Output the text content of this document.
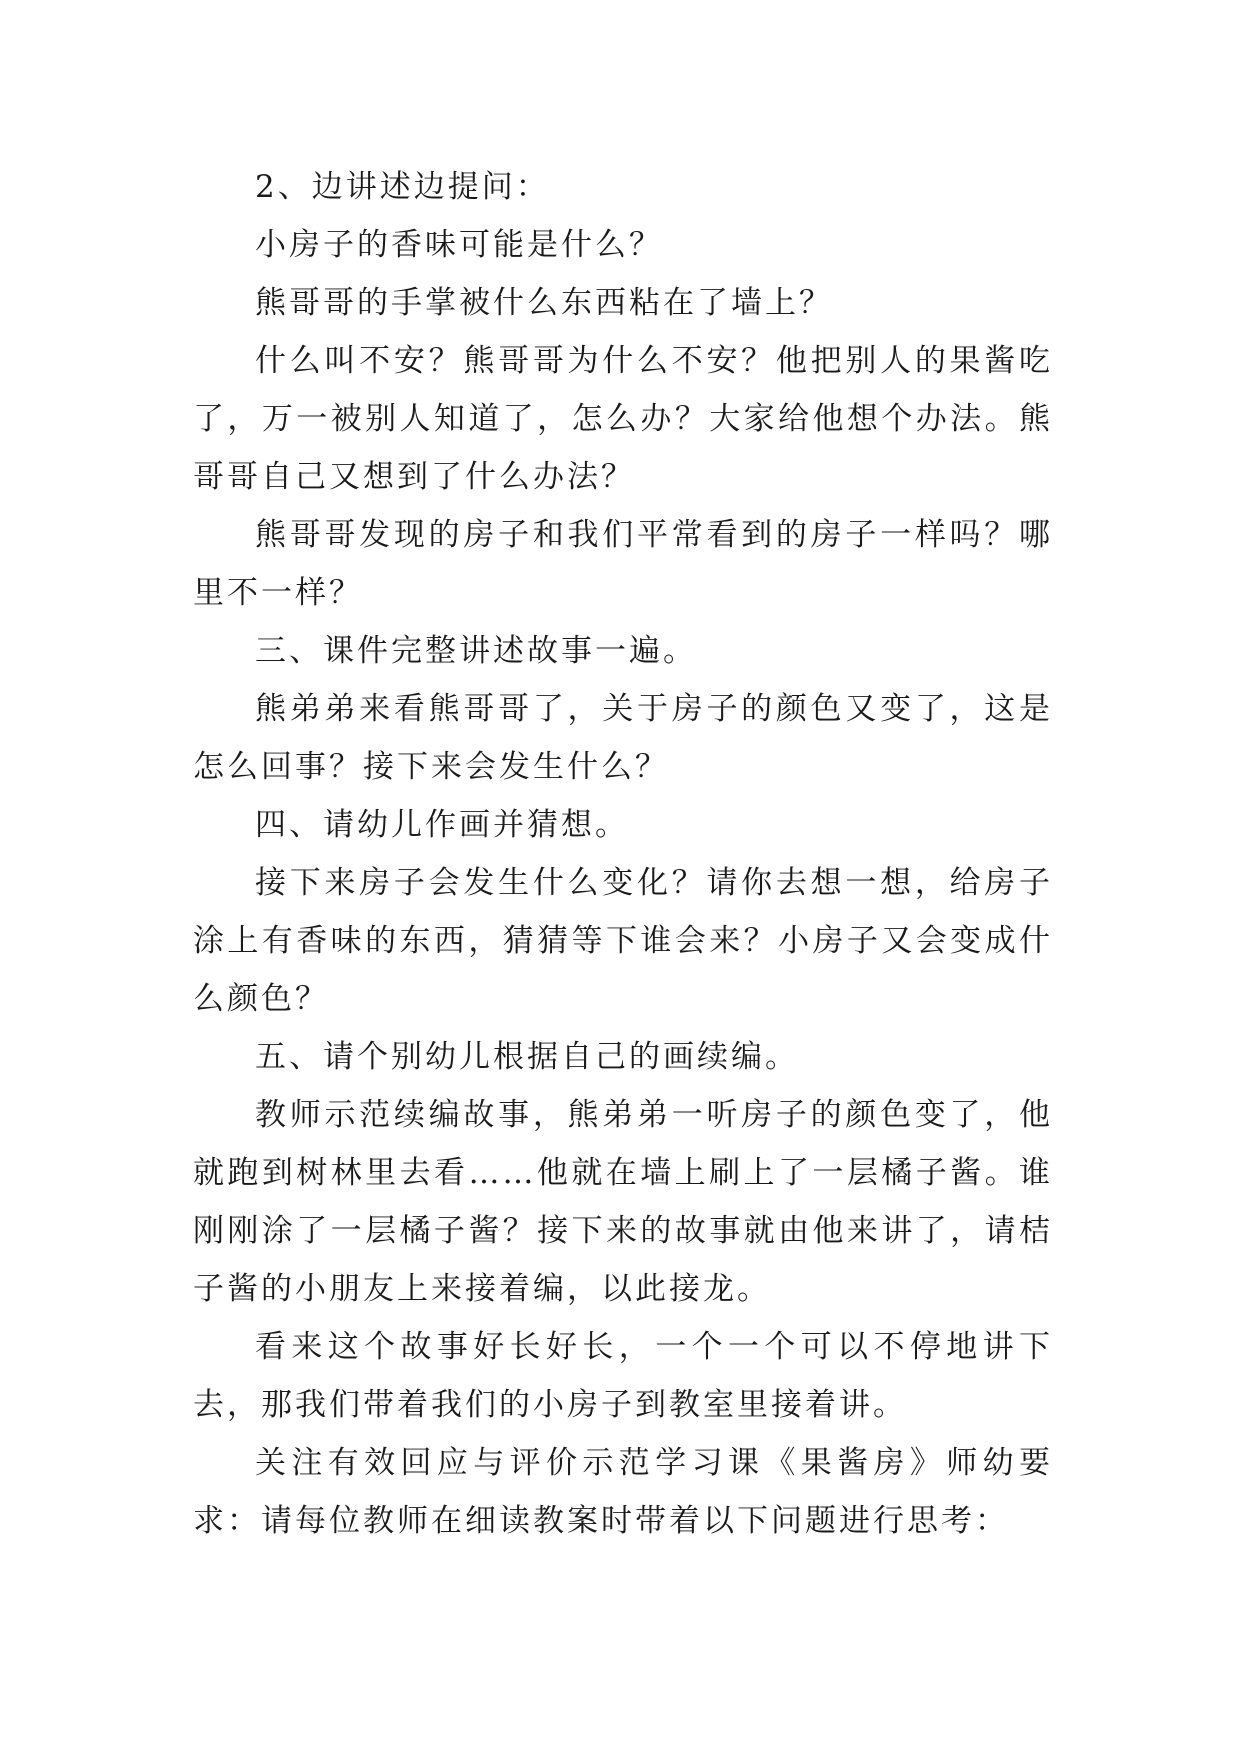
2、边讲述边提问：

小房子的香味可能是什么？

熊哥哥的手掌被什么东西粘在了墙上？

什么叫不安？熊哥哥为什么不安？他把别人的果酱吃了，万一被别人知道了，怎么办？大家给他想个办法。熊哥哥自己又想到了什么办法？

熊哥哥发现的房子和我们平常看到的房子一样吗？哪里不一样？

三、课件完整讲述故事一遍。

熊弟弟来看熊哥哥了，关于房子的颜色又变了，这是怎么回事？接下来会发生什么？

四、请幼儿作画并猜想。

接下来房子会发生什么变化？请你去想一想，给房子涂上有香味的东西，猜猜等下谁会来？小房子又会变成什么颜色？

五、请个别幼儿根据自己的画续编。

教师示范续编故事，熊弟弟一听房子的颜色变了，他就跑到树林里去看……他就在墙上刷上了一层橘子酱。谁刚刚涂了一层橘子酱？接下来的故事就由他来讲了，请桔子酱的小朋友上来接着编，以此接龙。

看来这个故事好长好长，一个一个可以不停地讲下去，那我们带着我们的小房子到教室里接着讲。

关注有效回应与评价示范学习课《果酱房》师幼要求：请每位教师在细读教案时带着以下问题进行思考：
